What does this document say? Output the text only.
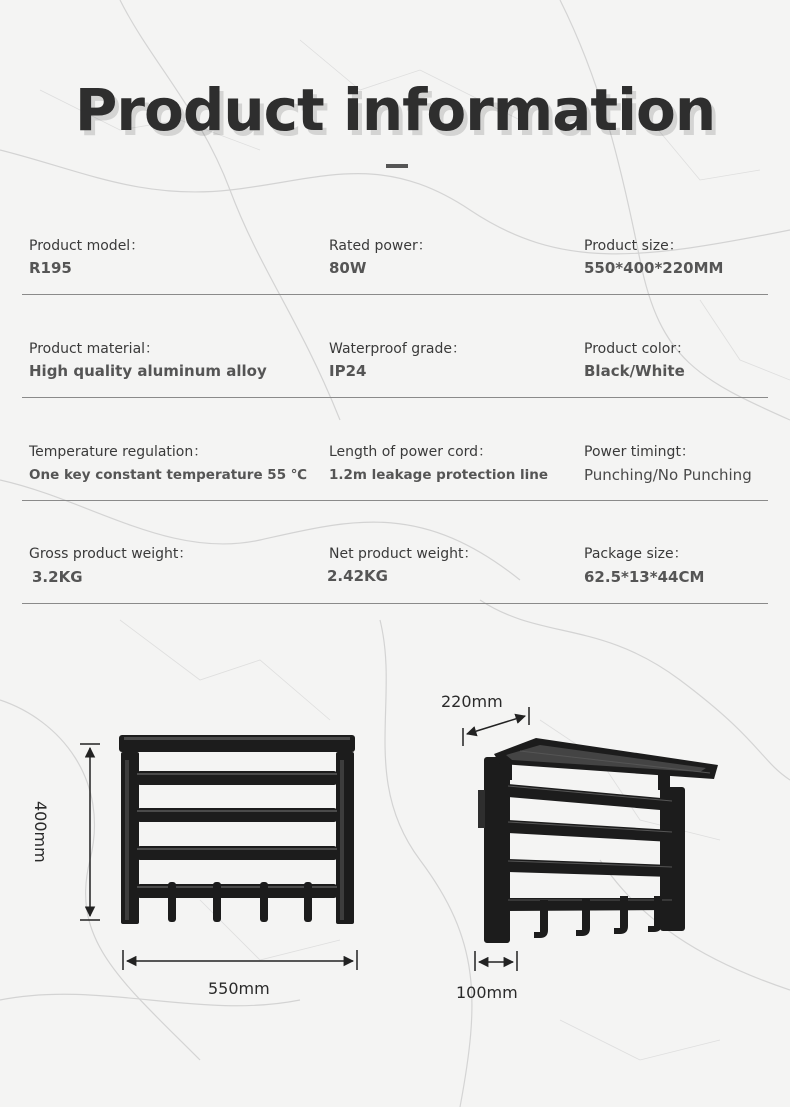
Product information
Product model：
R195
Rated power：
80W
Product size：
550*400*220MM
Product material：
High quality aluminum alloy
Waterproof grade：
IP24
Product color：
Black/White
Temperature regulation：
One key constant temperature 55 ℃
Length of power cord：
1.2m leakage protection line
Power timingt：
Punching/No Punching
Gross product weight：
3.2KG
Net product weight：
2.42KG
Package size：
62.5*13*44CM
400mm
550mm
220mm
100mm
